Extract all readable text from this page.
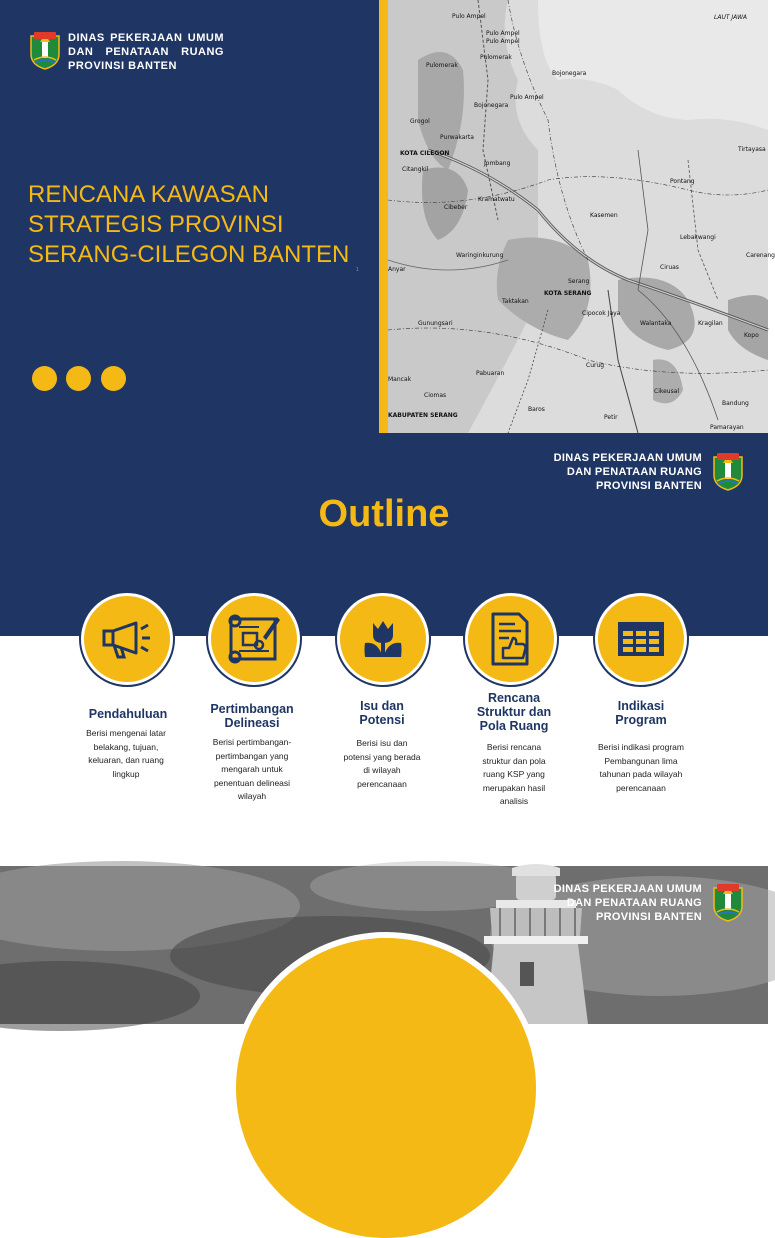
DINAS PEKERJAAN UMUM
DAN PENATAAN RUANG
PROVINSI BANTEN
RENCANA KAWASAN
STRATEGIS PROVINSI
SERANG-CILEGON BANTEN
1
LAUT JAWA
Pulo Ampel
Pulo Ampel
Pulo Ampel
Pulomerak
Pulomerak
Bojonegara
Bojonegara
Pulo Ampel
Grogol
Purwakarta
KOTA CILEGON
Jombang
Citangkil
Tirtayasa
Kramatwatu
Cibeber
Pontang
Kasemen
Lebakwangi
Waringinkurung
Anyar	Ciruas
Carenang
Serang
KOTA SERANG
Taktakan
Cipocok Jaya
Walantaka	Kragilan
Gunungsari
Kopo
Pabuaran
Curug
Cikeusal
Ciomas
Mancak
Bandung
KABUPATEN SERANG
Baros
Petir
Pamarayan
DINAS PEKERJAAN UMUM
DAN PENATAAN RUANG
PROVINSI BANTEN
Outline
Pendahuluan
Berisi mengenai latar
belakang, tujuan,
keluaran, dan ruang
lingkup
Pertimbangan
Delineasi
Berisi pertimbangan-
pertimbangan yang
mengarah untuk
penentuan delineasi
wilayah
Isu dan
Potensi
Berisi isu dan
potensi yang berada
di wilayah
perencanaan
Rencana
Struktur dan
Pola Ruang
Berisi rencana
struktur dan pola
ruang KSP yang
merupakan hasil
analisis
Indikasi
Program
Berisi indikasi program
Pembangunan lima
tahunan pada wilayah
perencanaan
DINAS PEKERJAAN UMUM
DAN PENATAAN RUANG
PROVINSI BANTEN
